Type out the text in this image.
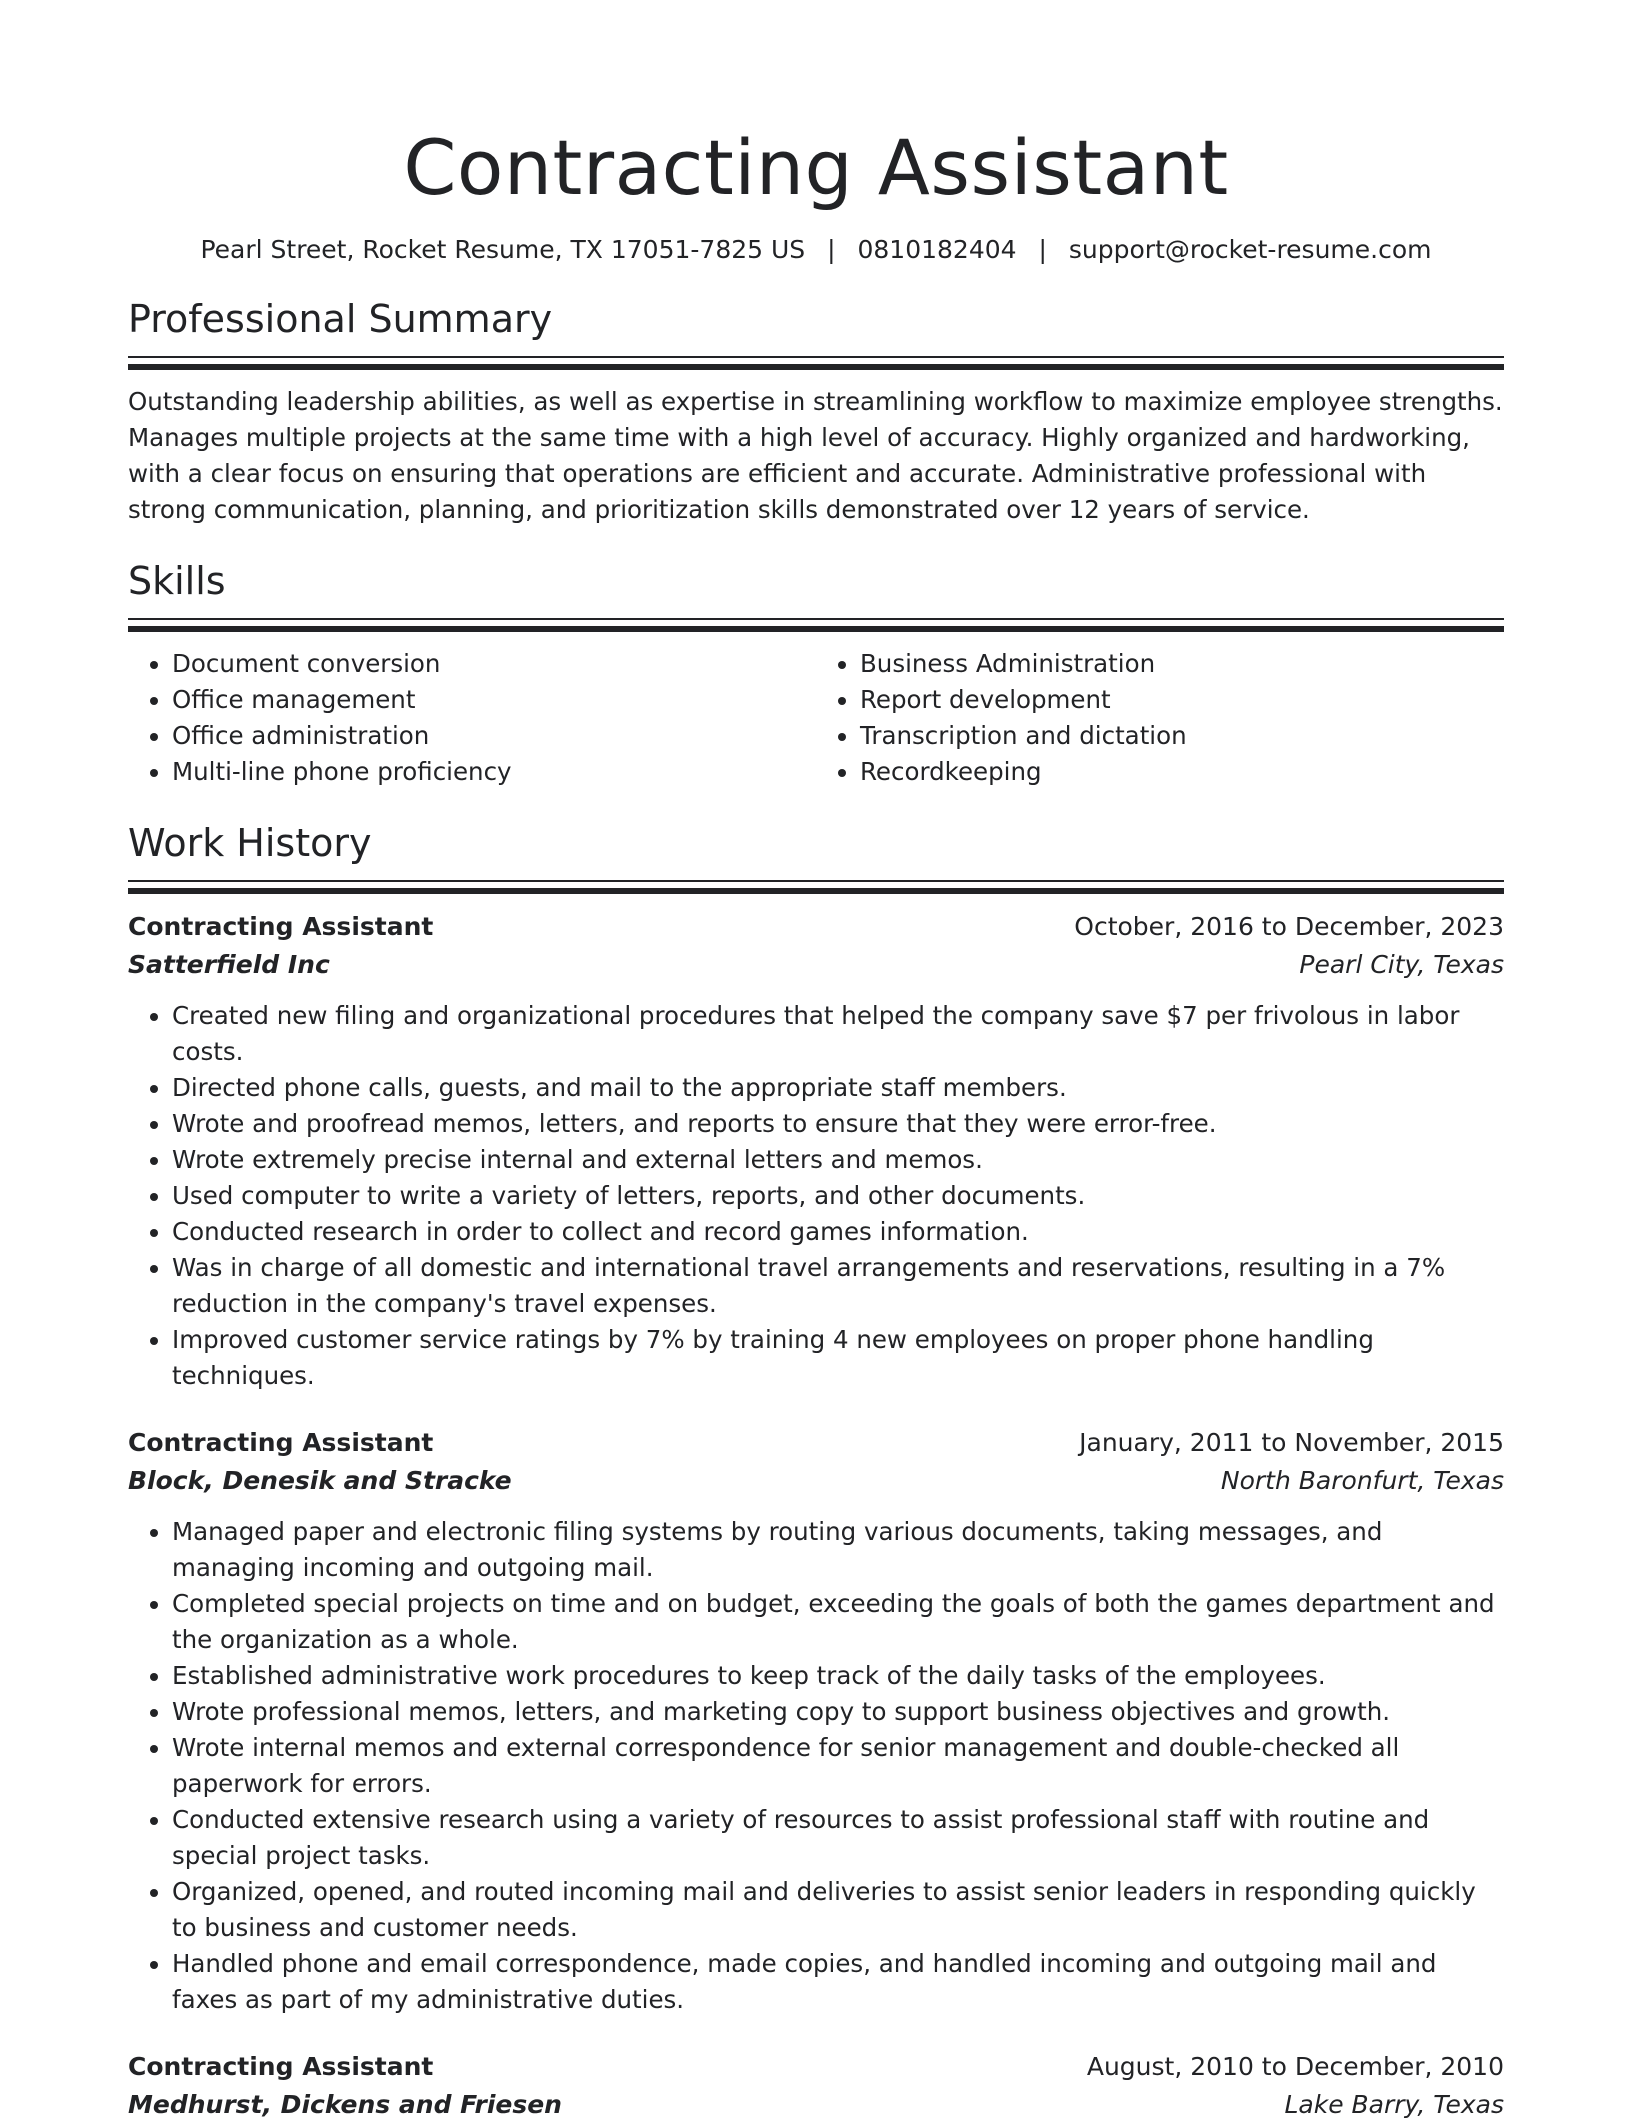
Contracting Assistant
Pearl Street, Rocket Resume, TX 17051-7825 US | 0810182404 | support@rocket-resume.com
Professional Summary

Outstanding leadership abilities, as well as expertise in streamlining workflow to maximize employee strengths. Manages multiple projects at the same time with a high level of accuracy. Highly organized and hardworking, with a clear focus on ensuring that operations are efficient and accurate. Administrative professional with strong communication, planning, and prioritization skills demonstrated over 12 years of service.

Skills
• Document conversion
• Office management
• Office administration
• Multi-line phone proficiency
• Business Administration
• Report development
• Transcription and dictation
• Recordkeeping
Work History
Contracting Assistant	October, 2016 to December, 2023
Satterfield Inc	Pearl City, Texas
• Created new filing and organizational procedures that helped the company save $7 per frivolous in labor costs.
• Directed phone calls, guests, and mail to the appropriate staff members.
• Wrote and proofread memos, letters, and reports to ensure that they were error-free.
• Wrote extremely precise internal and external letters and memos.
• Used computer to write a variety of letters, reports, and other documents.
• Conducted research in order to collect and record games information.
• Was in charge of all domestic and international travel arrangements and reservations, resulting in a 7% reduction in the company's travel expenses.
• Improved customer service ratings by 7% by training 4 new employees on proper phone handling techniques.
Contracting Assistant	January, 2011 to November, 2015
Block, Denesik and Stracke	North Baronfurt, Texas
• Managed paper and electronic filing systems by routing various documents, taking messages, and managing incoming and outgoing mail.
• Completed special projects on time and on budget, exceeding the goals of both the games department and the organization as a whole.
• Established administrative work procedures to keep track of the daily tasks of the employees.
• Wrote professional memos, letters, and marketing copy to support business objectives and growth.
• Wrote internal memos and external correspondence for senior management and double-checked all paperwork for errors.
• Conducted extensive research using a variety of resources to assist professional staff with routine and special project tasks.
• Organized, opened, and routed incoming mail and deliveries to assist senior leaders in responding quickly to business and customer needs.
• Handled phone and email correspondence, made copies, and handled incoming and outgoing mail and faxes as part of my administrative duties.
Contracting Assistant	August, 2010 to December, 2010
Medhurst, Dickens and Friesen	Lake Barry, Texas
